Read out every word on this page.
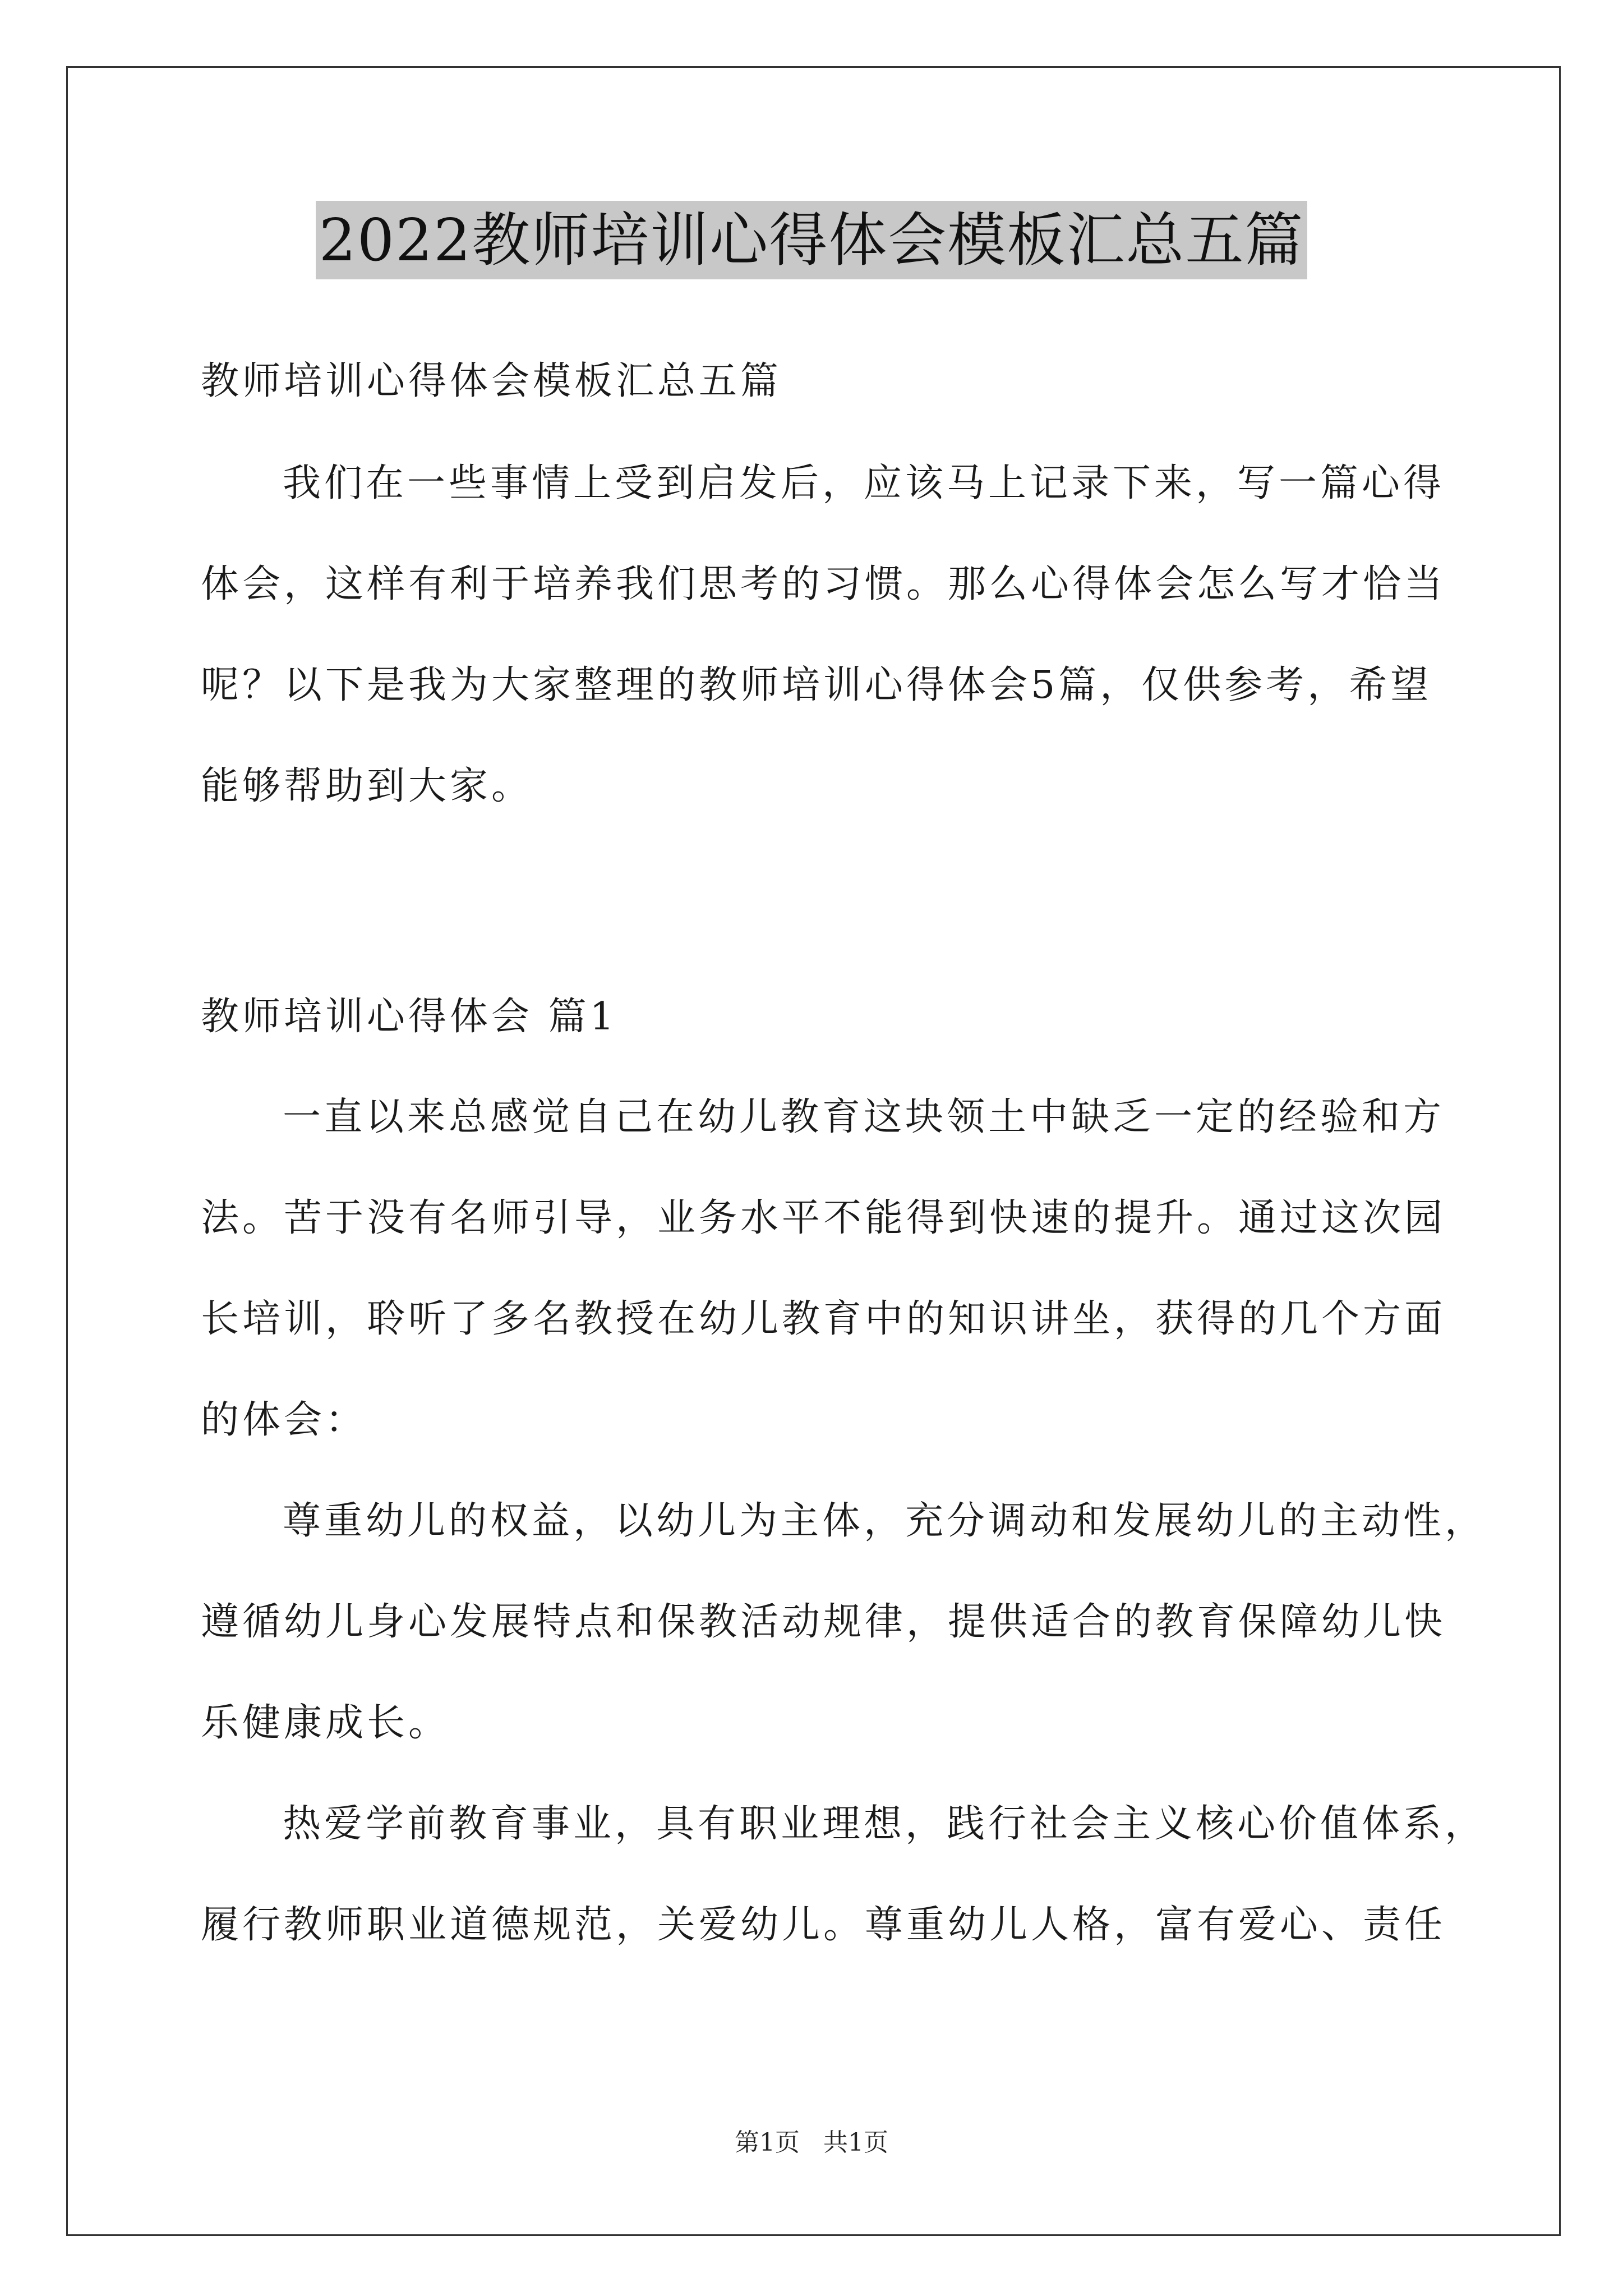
2022教师培训心得体会模板汇总五篇
教师培训心得体会模板汇总五篇
我们在一些事情上受到启发后，应该马上记录下来，写一篇心得
体会，这样有利于培养我们思考的习惯。那么心得体会怎么写才恰当
呢？以下是我为大家整理的教师培训心得体会5篇，仅供参考，希望
能够帮助到大家。
教师培训心得体会 篇1
一直以来总感觉自己在幼儿教育这块领土中缺乏一定的经验和方
法。苦于没有名师引导，业务水平不能得到快速的提升。通过这次园
长培训，聆听了多名教授在幼儿教育中的知识讲坐，获得的几个方面
的体会：
尊重幼儿的权益，以幼儿为主体，充分调动和发展幼儿的主动性，
遵循幼儿身心发展特点和保教活动规律，提供适合的教育保障幼儿快
乐健康成长。
热爱学前教育事业，具有职业理想，践行社会主义核心价值体系，
履行教师职业道德规范，关爱幼儿。尊重幼儿人格，富有爱心、责任
第1页   共1页
